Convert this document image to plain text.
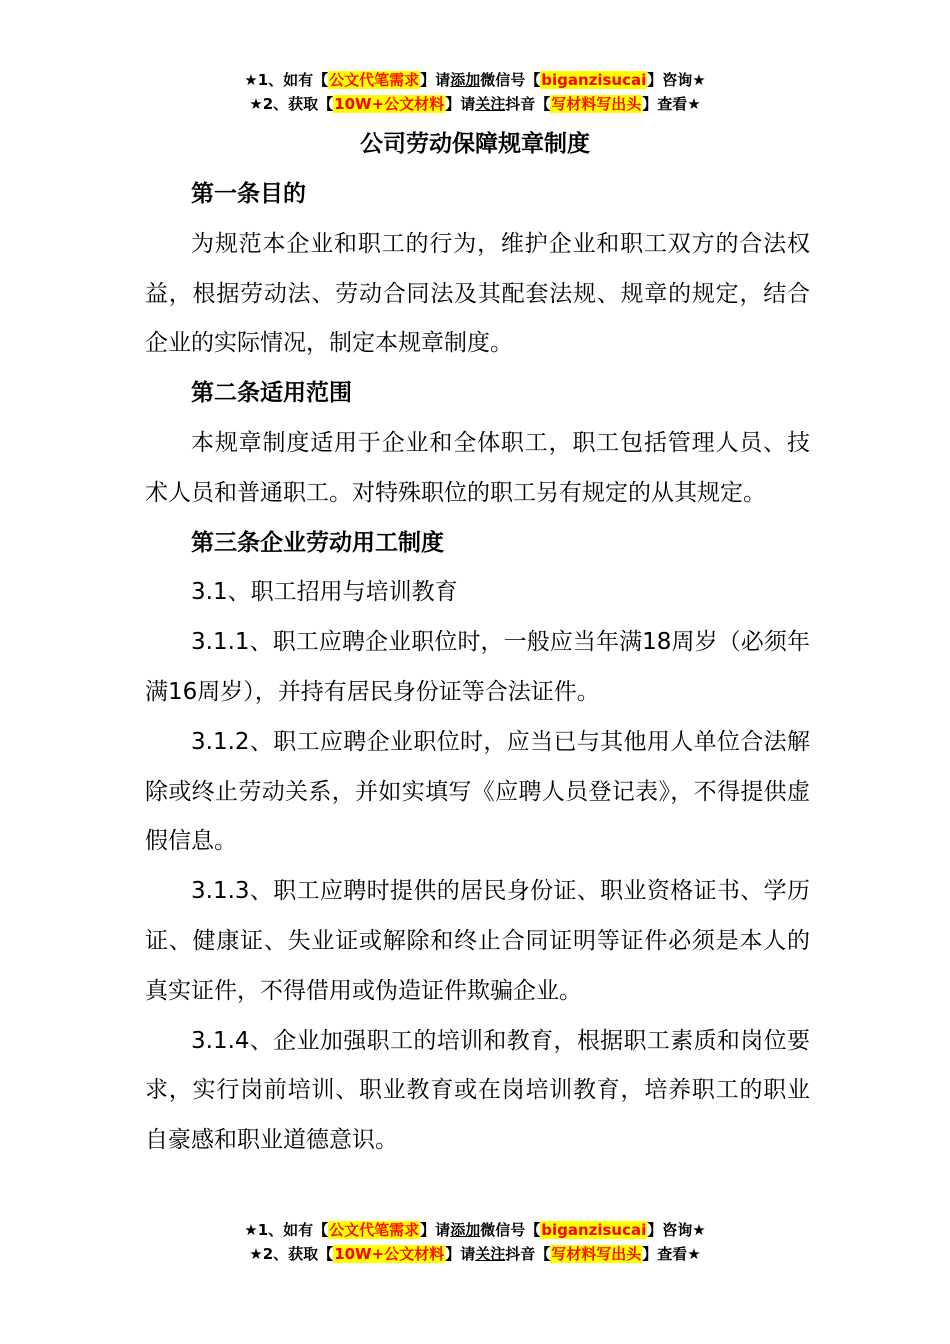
★1、如有【公文代笔需求】请添加微信号【biganzisucai】咨询★
★2、获取【10W+公文材料】请关注抖音【写材料写出头】查看★
公司劳动保障规章制度

第一条目的

为规范本企业和职工的行为，维护企业和职工双方的合法权益，根据劳动法、劳动合同法及其配套法规、规章的规定，结合企业的实际情况，制定本规章制度。

第二条适用范围

本规章制度适用于企业和全体职工，职工包括管理人员、技术人员和普通职工。对特殊职位的职工另有规定的从其规定。

第三条企业劳动用工制度

3.1、职工招用与培训教育

3.1.1、职工应聘企业职位时，一般应当年满18周岁（必须年满16周岁），并持有居民身份证等合法证件。

3.1.2、职工应聘企业职位时，应当已与其他用人单位合法解除或终止劳动关系，并如实填写《应聘人员登记表》，不得提供虚假信息。

3.1.3、职工应聘时提供的居民身份证、职业资格证书、学历证、健康证、失业证或解除和终止合同证明等证件必须是本人的真实证件，不得借用或伪造证件欺骗企业。

3.1.4、企业加强职工的培训和教育，根据职工素质和岗位要求，实行岗前培训、职业教育或在岗培训教育，培养职工的职业自豪感和职业道德意识。

★1、如有【公文代笔需求】请添加微信号【biganzisucai】咨询★
★2、获取【10W+公文材料】请关注抖音【写材料写出头】查看★
